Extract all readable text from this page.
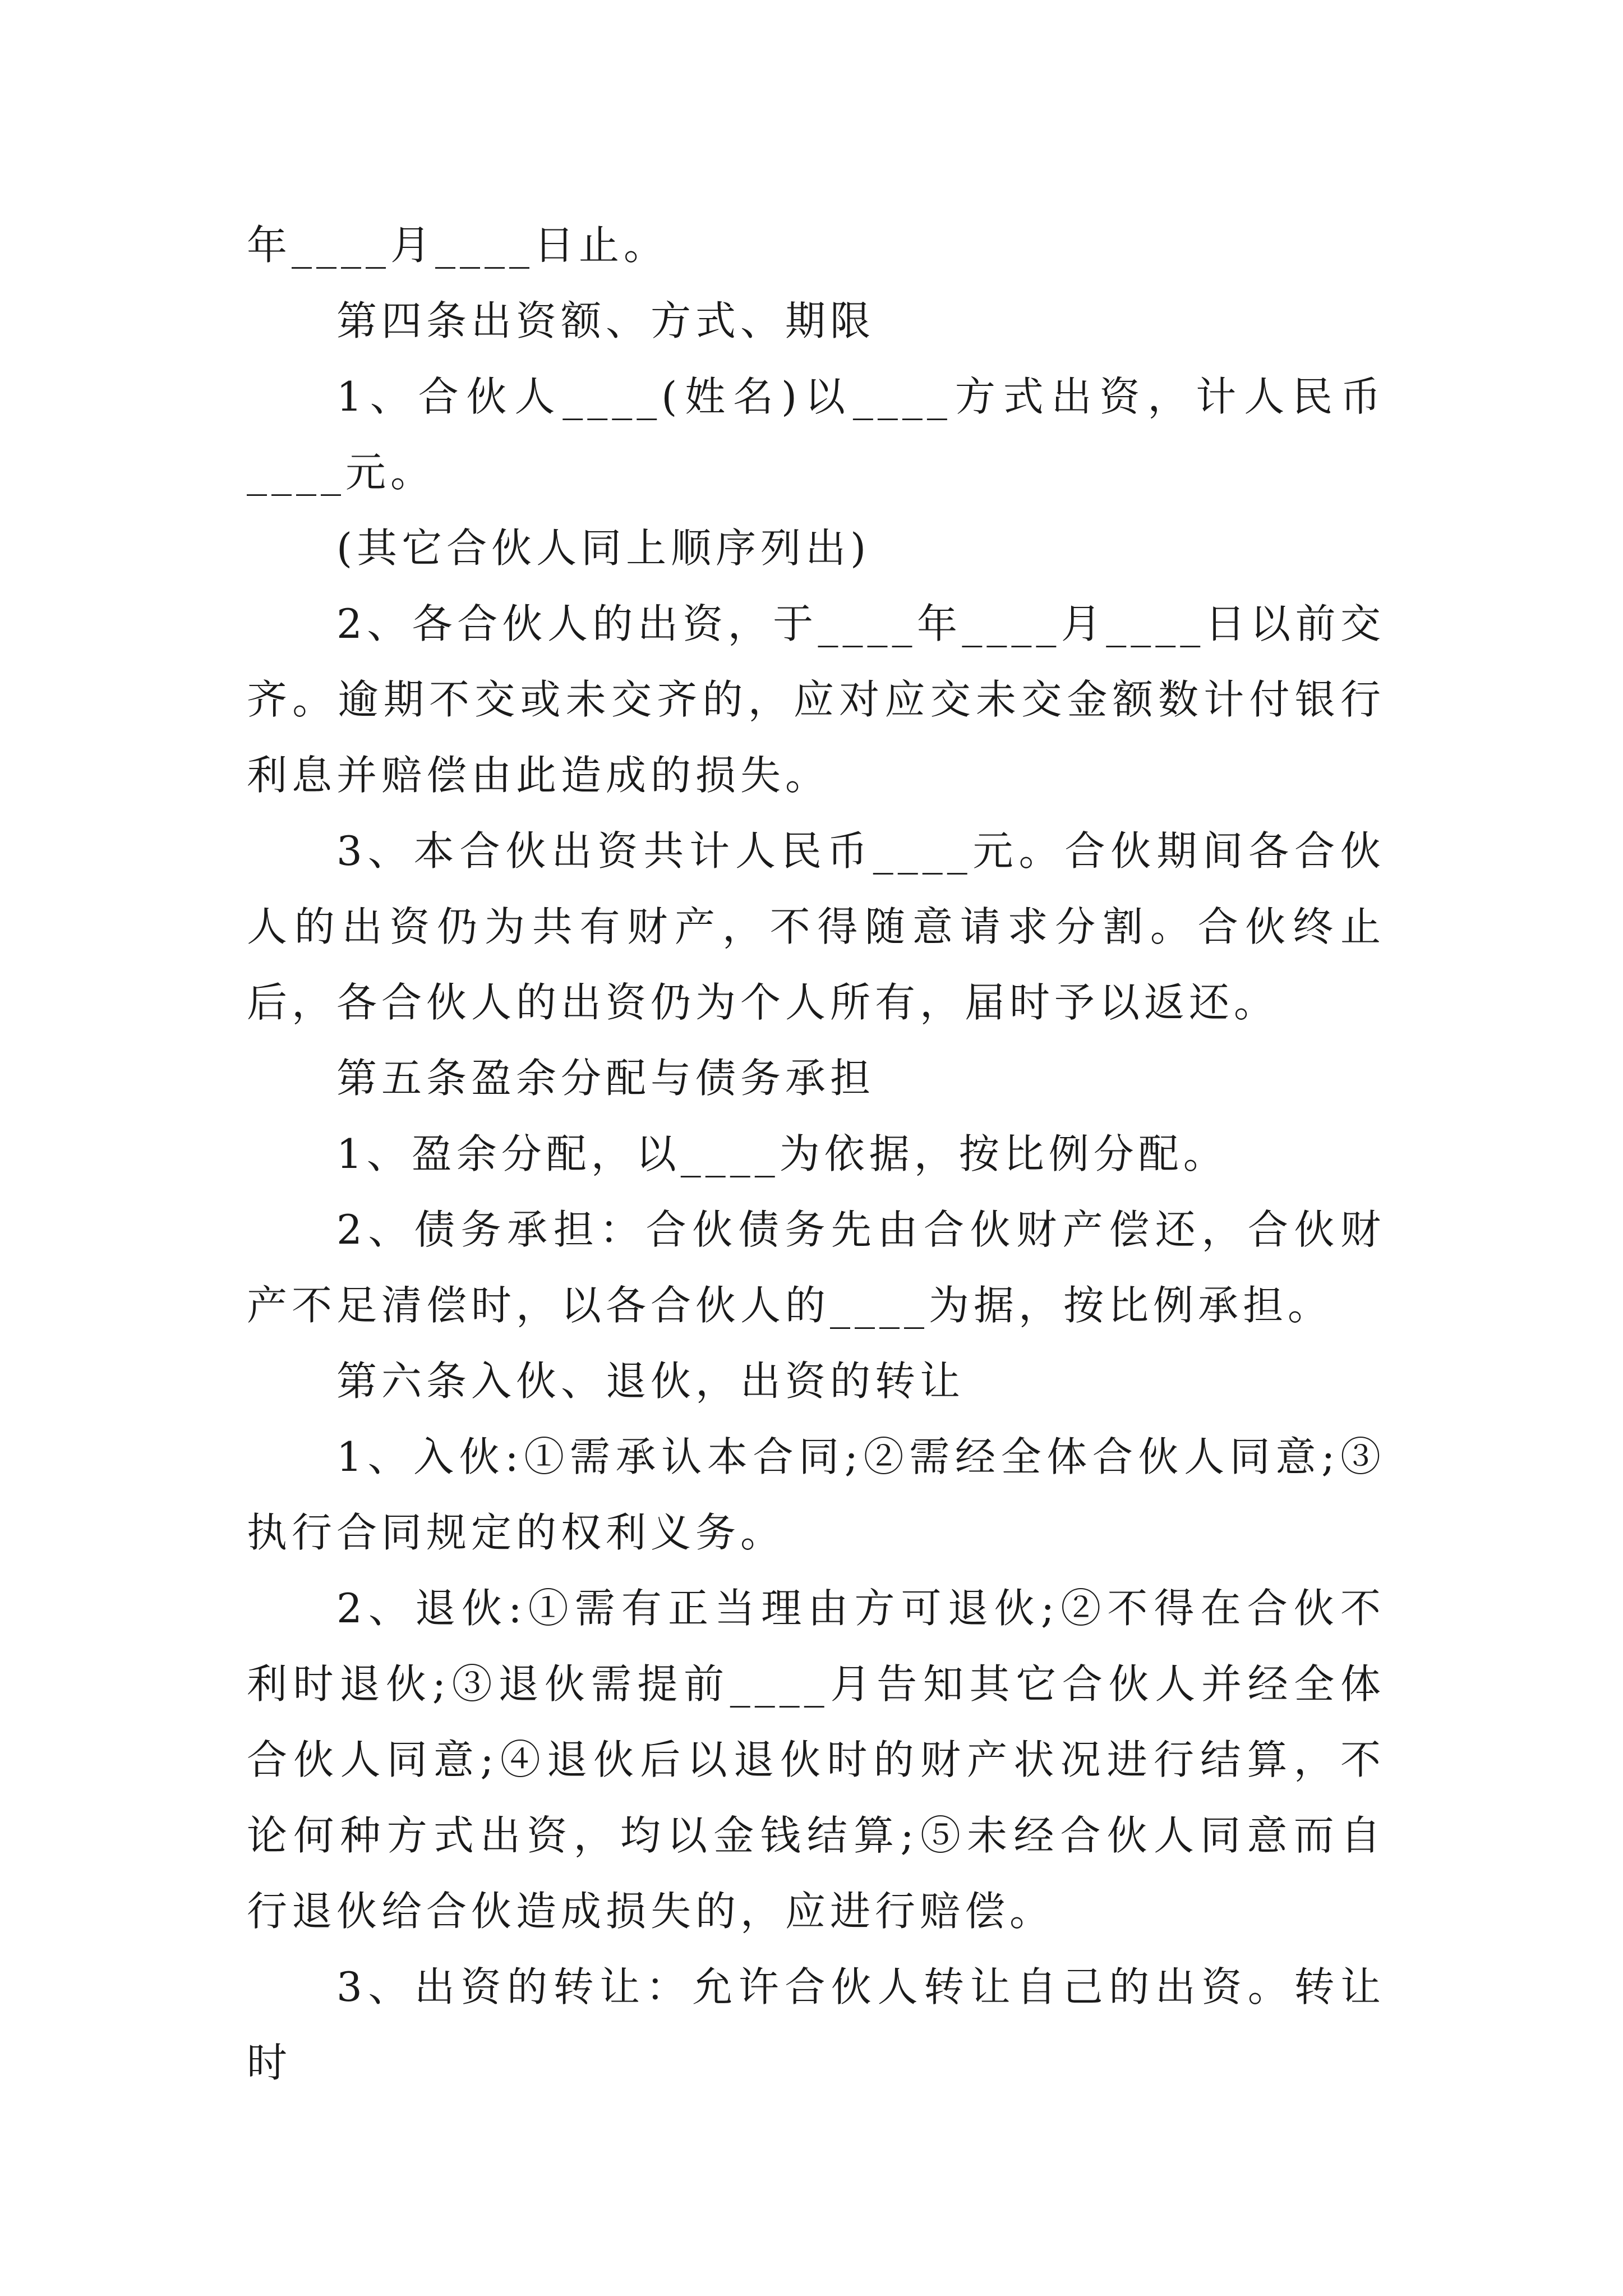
年____月____日止。

第四条出资额、方式、期限

1、合伙人____(姓名)以____方式出资，计人民币____元。

(其它合伙人同上顺序列出)

2、各合伙人的出资，于____年____月____日以前交齐。逾期不交或未交齐的，应对应交未交金额数计付银行利息并赔偿由此造成的损失。

3、本合伙出资共计人民币____元。合伙期间各合伙人的出资仍为共有财产，不得随意请求分割。合伙终止后，各合伙人的出资仍为个人所有，届时予以返还。

第五条盈余分配与债务承担

1、盈余分配，以____为依据，按比例分配。

2、债务承担：合伙债务先由合伙财产偿还，合伙财产不足清偿时，以各合伙人的____为据，按比例承担。

第六条入伙、退伙，出资的转让

1、入伙:①需承认本合同;②需经全体合伙人同意;③执行合同规定的权利义务。

2、退伙:①需有正当理由方可退伙;②不得在合伙不利时退伙;③退伙需提前____月告知其它合伙人并经全体合伙人同意;④退伙后以退伙时的财产状况进行结算，不论何种方式出资，均以金钱结算;⑤未经合伙人同意而自行退伙给合伙造成损失的，应进行赔偿。

3、出资的转让：允许合伙人转让自己的出资。转让时
